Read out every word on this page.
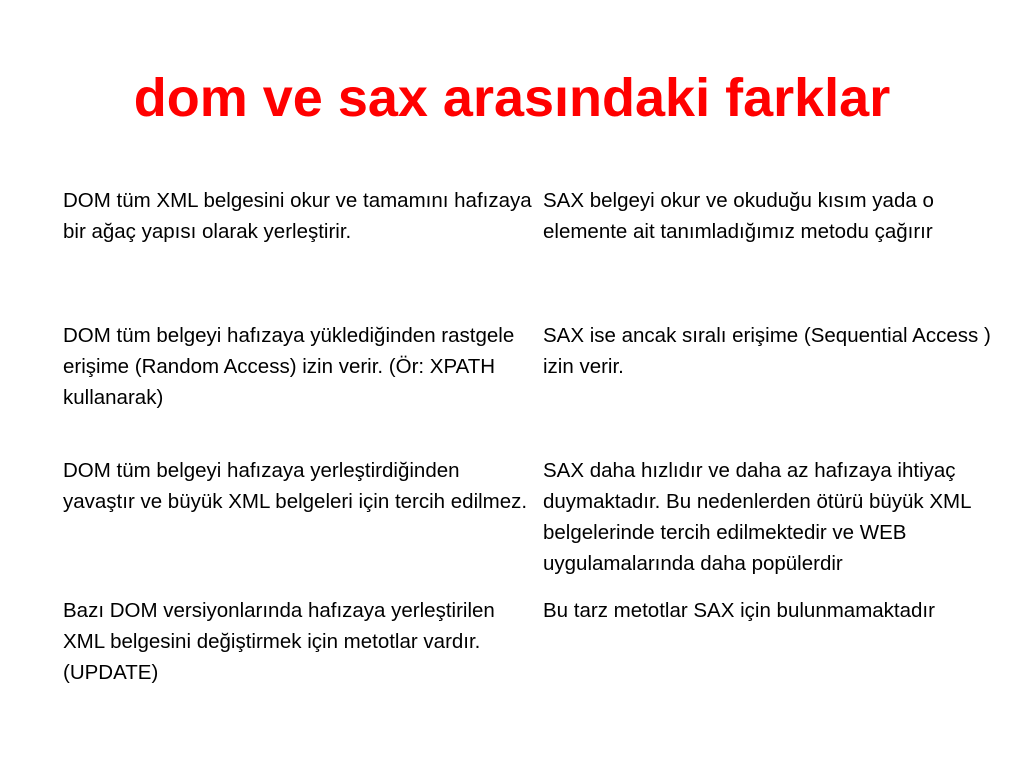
dom ve sax arasındaki farklar
DOM tüm XML belgesini okur ve tamamını hafızaya bir ağaç yapısı olarak yerleştirir.	SAX belgeyi okur ve okuduğu kısım yada o elemente ait tanımladığımız metodu çağırır

DOM tüm belgeyi hafızaya yüklediğinden rastgele erişime (Random Access) izin verir. (Ör: XPATH kullanarak)	SAX ise ancak sıralı erişime (Sequential Access ) izin verir.

DOM tüm belgeyi hafızaya yerleştirdiğinden yavaştır ve büyük XML belgeleri için tercih edilmez.	SAX daha hızlıdır ve daha az hafızaya ihtiyaç duymaktadır. Bu nedenlerden ötürü büyük XML belgelerinde tercih edilmektedir ve WEB uygulamalarında daha popülerdir

Bazı DOM versiyonlarında hafızaya yerleştirilen XML belgesini değiştirmek için metotlar vardır. (UPDATE)	Bu tarz metotlar SAX için bulunmamaktadır
